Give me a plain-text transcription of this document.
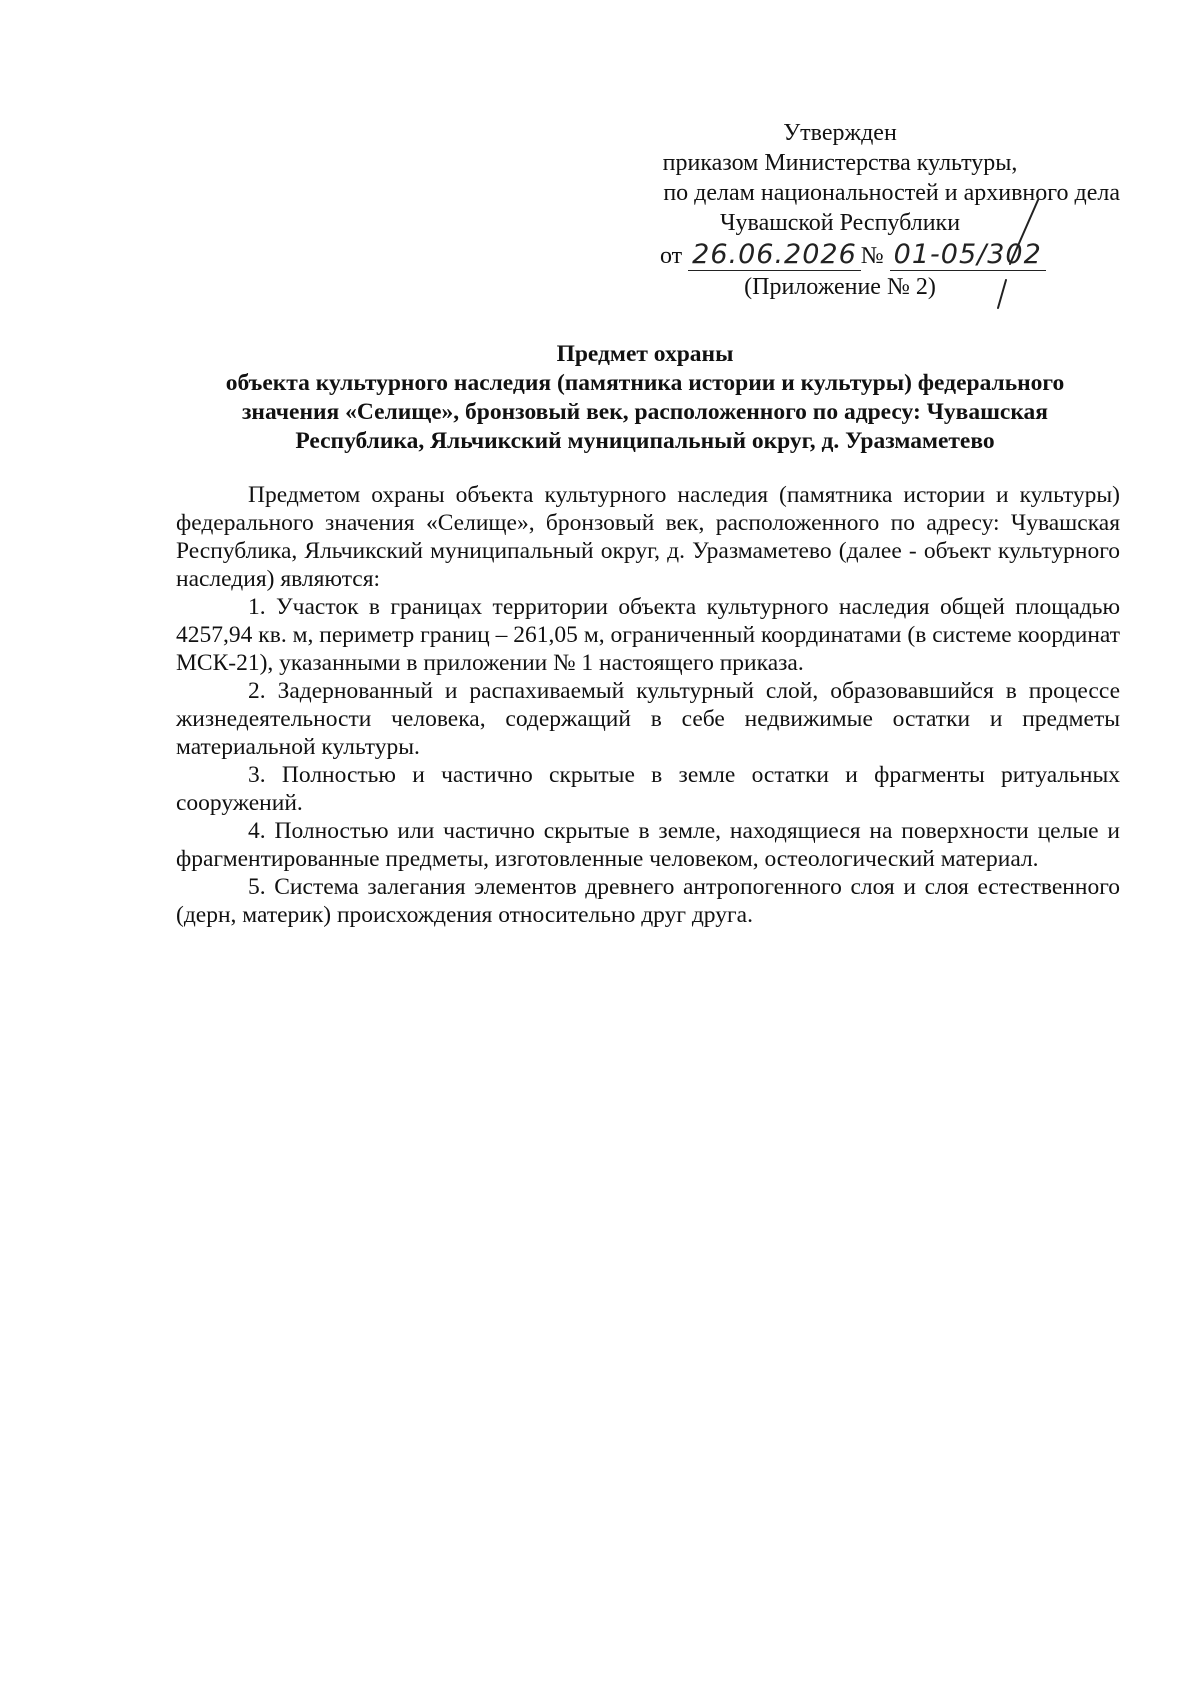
Утвержден
приказом Министерства культуры,
по делам национальностей и архивного дела
Чувашской Республики
от 26.06.2026 № 01-05/302
(Приложение № 2)
Предмет охраны
объекта культурного наследия (памятника истории и культуры) федерального
значения «Селище», бронзовый век, расположенного по адресу: Чувашская
Республика, Яльчикский муниципальный округ, д. Уразмаметево

Предметом охраны объекта культурного наследия (памятника истории и культуры) федерального значения «Селище», бронзовый век, расположенного по адресу: Чувашская Республика, Яльчикский муниципальный округ, д. Уразмаметево (далее - объект культурного наследия) являются:

1. Участок в границах территории объекта культурного наследия общей площадью 4257,94 кв. м, периметр границ – 261,05 м, ограниченный координатами (в системе координат МСК-21), указанными в приложении № 1 настоящего приказа.

2. Задернованный и распахиваемый культурный слой, образовавшийся в процессе жизнедеятельности человека, содержащий в себе недвижимые остатки и предметы материальной культуры.

3. Полностью и частично скрытые в земле остатки и фрагменты ритуальных сооружений.

4. Полностью или частично скрытые в земле, находящиеся на поверхности целые и фрагментированные предметы, изготовленные человеком, остеологический материал.

5. Система залегания элементов древнего антропогенного слоя и слоя естественного (дерн, материк) происхождения относительно друг друга.
